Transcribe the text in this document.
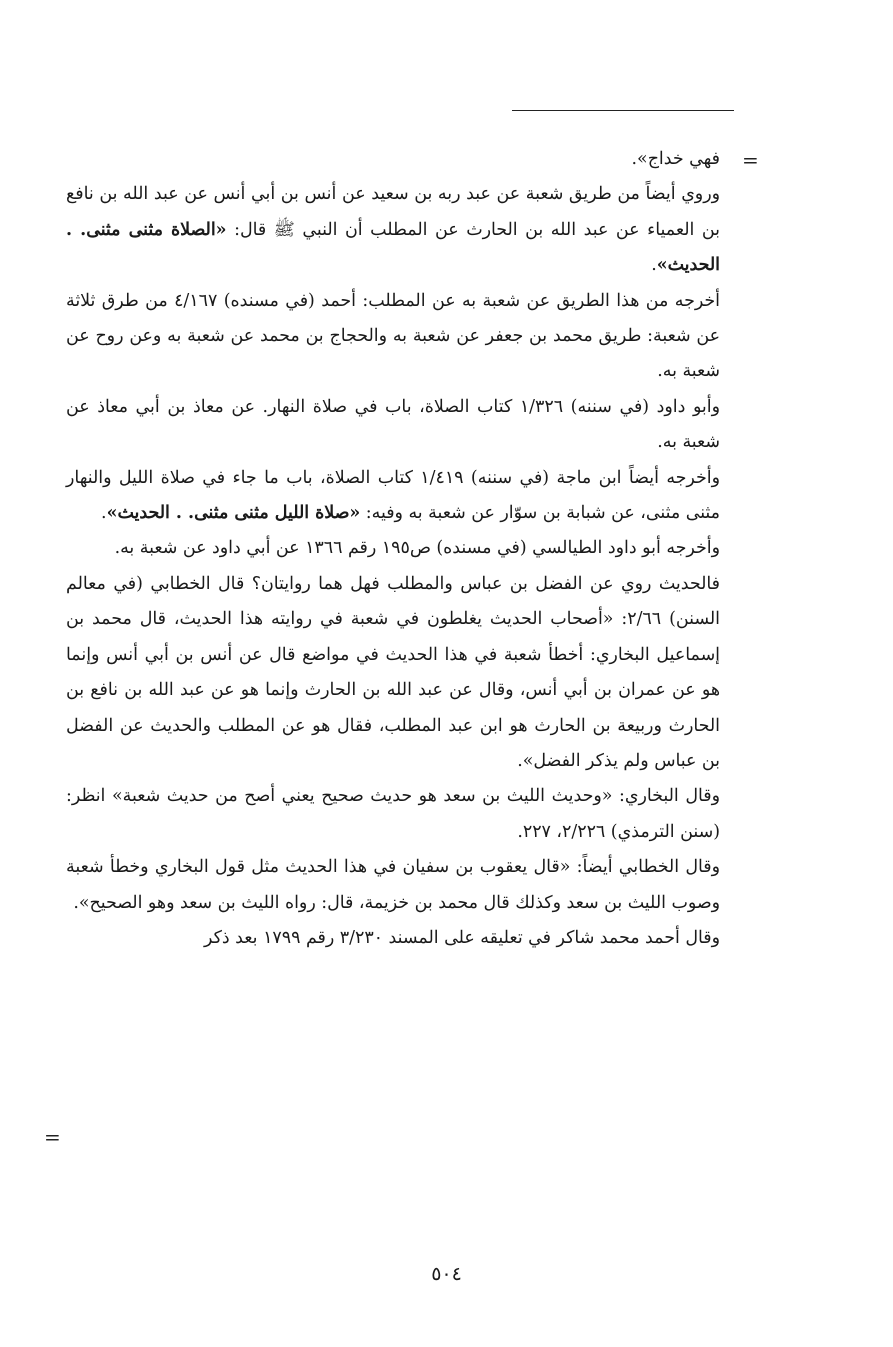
=

فهي خداج».

وروي أيضاً من طريق شعبة عن عبد ربه بن سعيد عن أنس بن أبي أنس عن عبد الله بن نافع بن العمياء عن عبد الله بن الحارث عن المطلب أن النبي ﷺ قال: «الصلاة مثنى مثنى. . الحديث».

أخرجه من هذا الطريق عن شعبة به عن المطلب: أحمد (في مسنده) ٤/١٦٧ من طرق ثلاثة عن شعبة: طريق محمد بن جعفر عن شعبة به والحجاج بن محمد عن شعبة به وعن روح عن شعبة به.

وأبو داود (في سننه) ١/٣٢٦ كتاب الصلاة، باب في صلاة النهار. عن معاذ بن أبي معاذ عن شعبة به.

وأخرجه أيضاً ابن ماجة (في سننه) ١/٤١٩ كتاب الصلاة، باب ما جاء في صلاة الليل والنهار مثنى مثنى، عن شبابة بن سوّار عن شعبة به وفيه: «صلاة الليل مثنى مثنى. . الحديث».

وأخرجه أبو داود الطيالسي (في مسنده) ص١٩٥ رقم ١٣٦٦ عن أبي داود عن شعبة به.

فالحديث روي عن الفضل بن عباس والمطلب فهل هما روايتان؟ قال الخطابي (في معالم السنن) ٢/٦٦: «أصحاب الحديث يغلطون في شعبة في روايته هذا الحديث، قال محمد بن إسماعيل البخاري: أخطأ شعبة في هذا الحديث في مواضع قال عن أنس بن أبي أنس وإنما هو عن عمران بن أبي أنس، وقال عن عبد الله بن الحارث وإنما هو عن عبد الله بن نافع بن الحارث وربيعة بن الحارث هو ابن عبد المطلب، فقال هو عن المطلب والحديث عن الفضل بن عباس ولم يذكر الفضل».

وقال البخاري: «وحديث الليث بن سعد هو حديث صحيح يعني أصح من حديث شعبة» انظر: (سنن الترمذي) ٢/٢٢٦، ٢٢٧.

وقال الخطابي أيضاً: «قال يعقوب بن سفيان في هذا الحديث مثل قول البخاري وخطأ شعبة وصوب الليث بن سعد وكذلك قال محمد بن خزيمة، قال: رواه الليث بن سعد وهو الصحيح».

وقال أحمد محمد شاكر في تعليقه على المسند ٣/٢٣٠ رقم ١٧٩٩ بعد ذكر

=
٥٠٤
